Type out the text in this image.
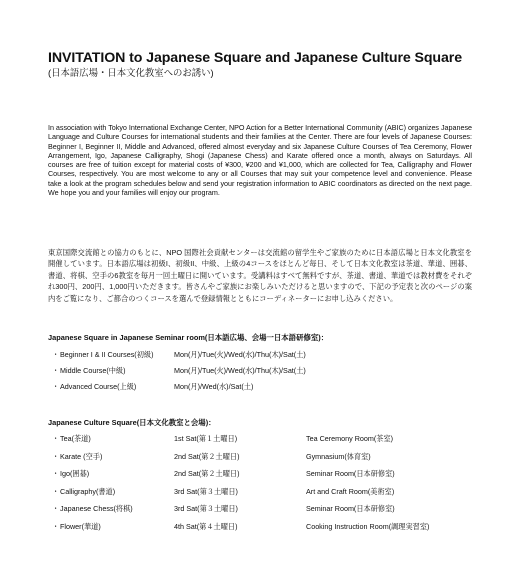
INVITATION to Japanese Square and Japanese Culture Square
(日本語広場・日本文化教室へのお誘い)

In association with Tokyo International Exchange Center, NPO Action for a Better International Community (ABIC) organizes Japanese Language and Culture Courses for international students and their families at the Center. There are four levels of Japanese Courses: Beginner I, Beginner II, Middle and Advanced, offered almost everyday and six Japanese Culture Courses of Tea Ceremony, Flower Arrangement, Igo, Japanese Calligraphy, Shogi (Japanese Chess) and Karate offered once a month, always on Saturdays. All courses are free of tuition except for material costs of ¥300, ¥200 and ¥1,000, which are collected for Tea, Calligraphy and Flower Courses, respectively. You are most welcome to any or all Courses that may suit your competence level and convenience. Please take a look at the program schedules below and send your registration information to ABIC coordinators as directed on the next page. We hope you and your families will enjoy our program.

東京国際交流館との協力のもとに、NPO 国際社会貢献センターは交流館の留学生やご家族のために日本語広場と日本文化教室を開催しています。日本語広場は初級I、初級II、中級、上級の4コースをほとんど毎日、そして日本文化教室は茶道、華道、囲碁、書道、将棋、空手の6教室を毎月一回土曜日に開いています。受講料はすべて無料ですが、茶道、書道、華道では教材費をそれぞれ300円、200円、1,000円いただきます。皆さんやご家族にお楽しみいただけると思いますので、下記の予定表と次のページの案内をご覧になり、ご都合のつくコースを選んで登録情報とともにコーディネーターにお申し込みください。

Japanese Square in Japanese Seminar room(日本語広場、会場一日本語研修室)：
・ Beginner I & II Courses(初級)	Mon(月)/Tue(火)/Wed(水)/Thu(木)/Sat(土)
・ Middle Course(中級)	Mon(月)/Tue(火)/Wed(水)/Thu(木)/Sat(土)
・ Advanced Course(上級)	Mon(月)/Wed(水)/Sat(土)
Japanese Culture Square(日本文化教室と会場)：
・ Tea(茶道)	1st Sat(第１土曜日)	Tea Ceremony Room(茶室)
・ Karate (空手)	2nd Sat(第２土曜日)	Gymnasium(体育室)
・ Igo(囲碁)	2nd Sat(第２土曜日)	Seminar Room(日本研修室)
・ Calligraphy(書道)	3rd Sat(第３土曜日)	Art and Craft Room(美術室)
・ Japanese Chess(将棋)	3rd Sat(第３土曜日)	Seminar Room(日本研修室)
・ Flower(華道)	4th Sat(第４土曜日)	Cooking Instruction Room(調理実習室)
